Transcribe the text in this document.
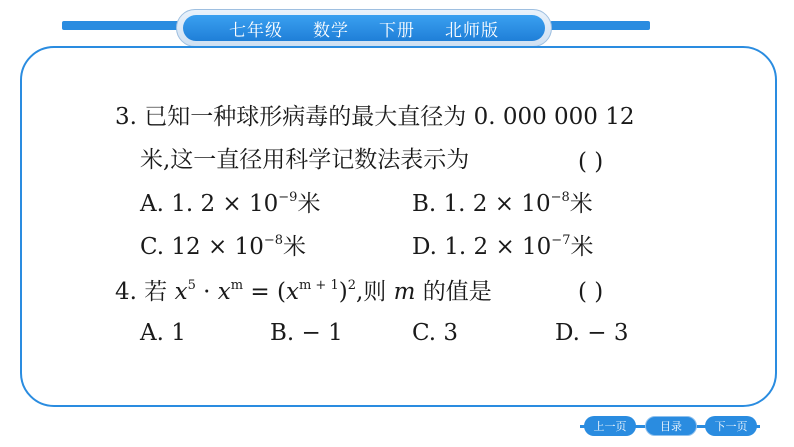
七年级 数学 下册 北师版
3. 已知一种球形病毒的最大直径为 0. 000 000 12
米,这一直径用科学记数法表示为	( )
A. 1. $2 \times 10^{-9}$米	B. 1. $2 \times 10^{-8}$米
C. $12 \times 10^{-8}$米	D. 1. $2 \times 10^{-7}$米
4. 若 $x^5 \cdot x^m = (x^{m + 1})^2$,则 m 的值是	( )
A. 1	B. − 1	C. 3	D. − 3
上一页	目录	下一页
